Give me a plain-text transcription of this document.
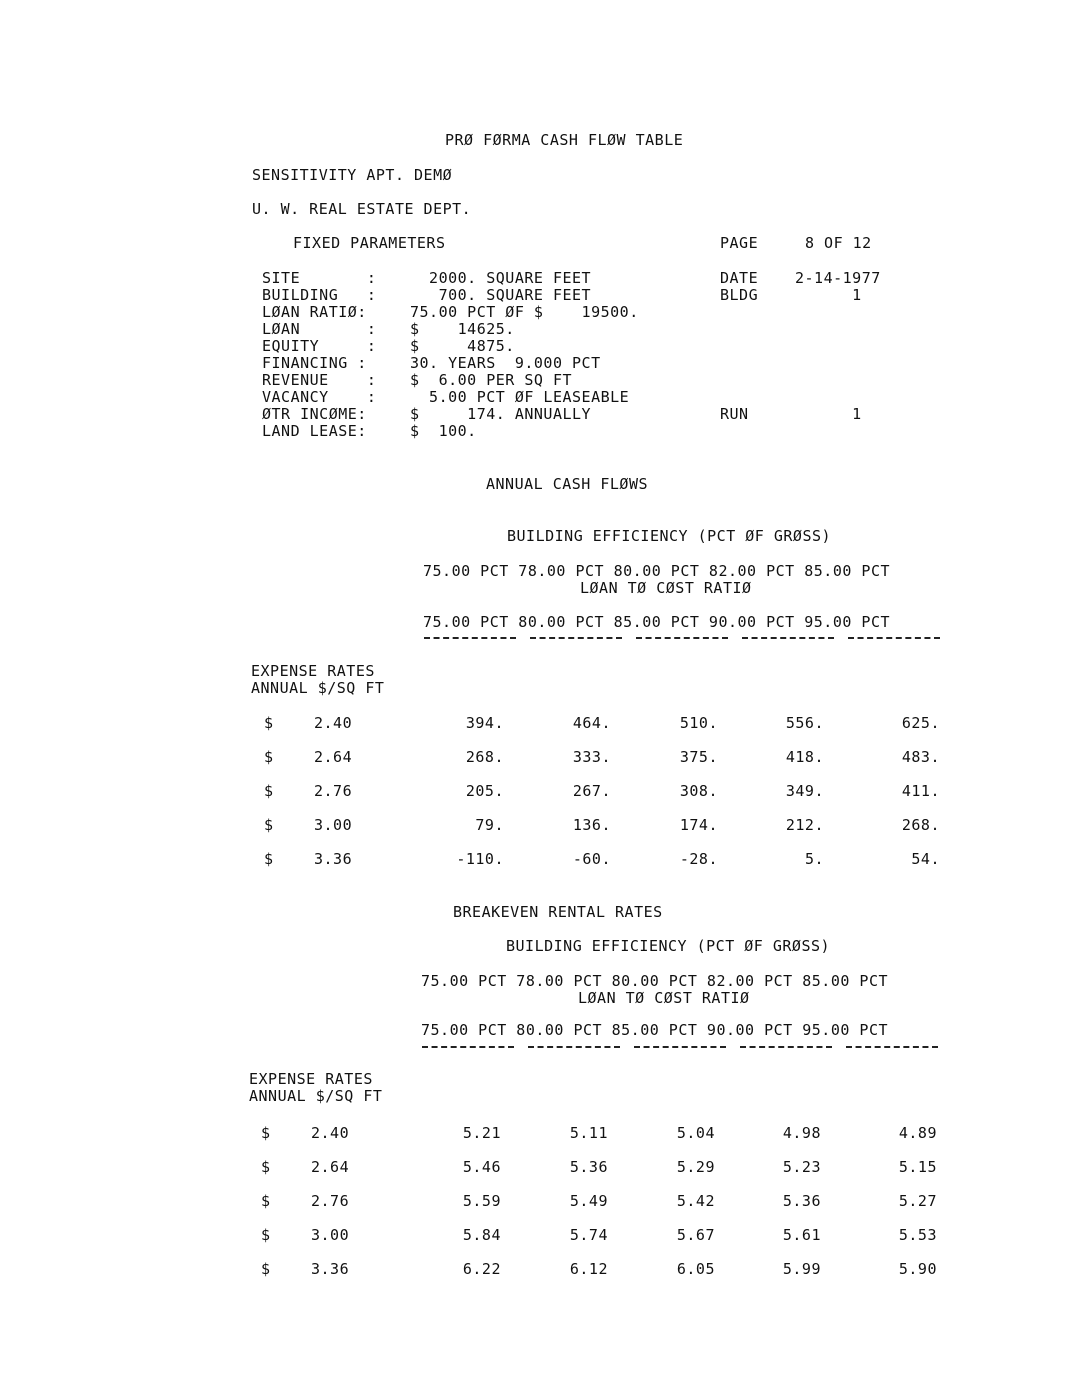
PRØ FØRMA CASH FLØW TABLE
SENSITIVITY APT. DEMØ
U. W. REAL ESTATE DEPT.
FIXED PARAMETERS	PAGE	8 OF 12
SITE       : 2000. SQUARE FEET	DATE 2-14-1977
BUILDING   : 700. SQUARE FEET	BLDG 1
LØAN RATIØ:	75.00 PCT ØF $    19500.
LØAN       : $    14625.
EQUITY     : $     4875.
FINANCING :	30. YEARS  9.000 PCT
REVENUE    : $  6.00 PER SQ FT
VACANCY    : 5.00 PCT ØF LEASEABLE
ØTR INCØME:	$     174. ANNUALLY	RUN	1
LAND LEASE:	$  100.
ANNUAL CASH FLØWS
BUILDING EFFICIENCY (PCT ØF GRØSS)
75.00 PCT 78.00 PCT 80.00 PCT 82.00 PCT 85.00 PCT
LØAN TØ CØST RATIØ
75.00 PCT 80.00 PCT 85.00 PCT 90.00 PCT 95.00 PCT
EXPENSE RATES
ANNUAL $/SQ FT
$	2.40	394.	464.	510.	556.	625.
$	2.64	268.	333.	375.	418.	483.
$	2.76	205.	267.	308.	349.	411.
$	3.00	79.	136.	174.	212.	268.
$	3.36	-110.	-60.	-28.	5.	54.
BREAKEVEN RENTAL RATES
BUILDING EFFICIENCY (PCT ØF GRØSS)
75.00 PCT 78.00 PCT 80.00 PCT 82.00 PCT 85.00 PCT
LØAN TØ CØST RATIØ
75.00 PCT 80.00 PCT 85.00 PCT 90.00 PCT 95.00 PCT
EXPENSE RATES
ANNUAL $/SQ FT
$	2.40	5.21	5.11	5.04	4.98	4.89
$	2.64	5.46	5.36	5.29	5.23	5.15
$	2.76	5.59	5.49	5.42	5.36	5.27
$	3.00	5.84	5.74	5.67	5.61	5.53
$	3.36	6.22	6.12	6.05	5.99	5.90
